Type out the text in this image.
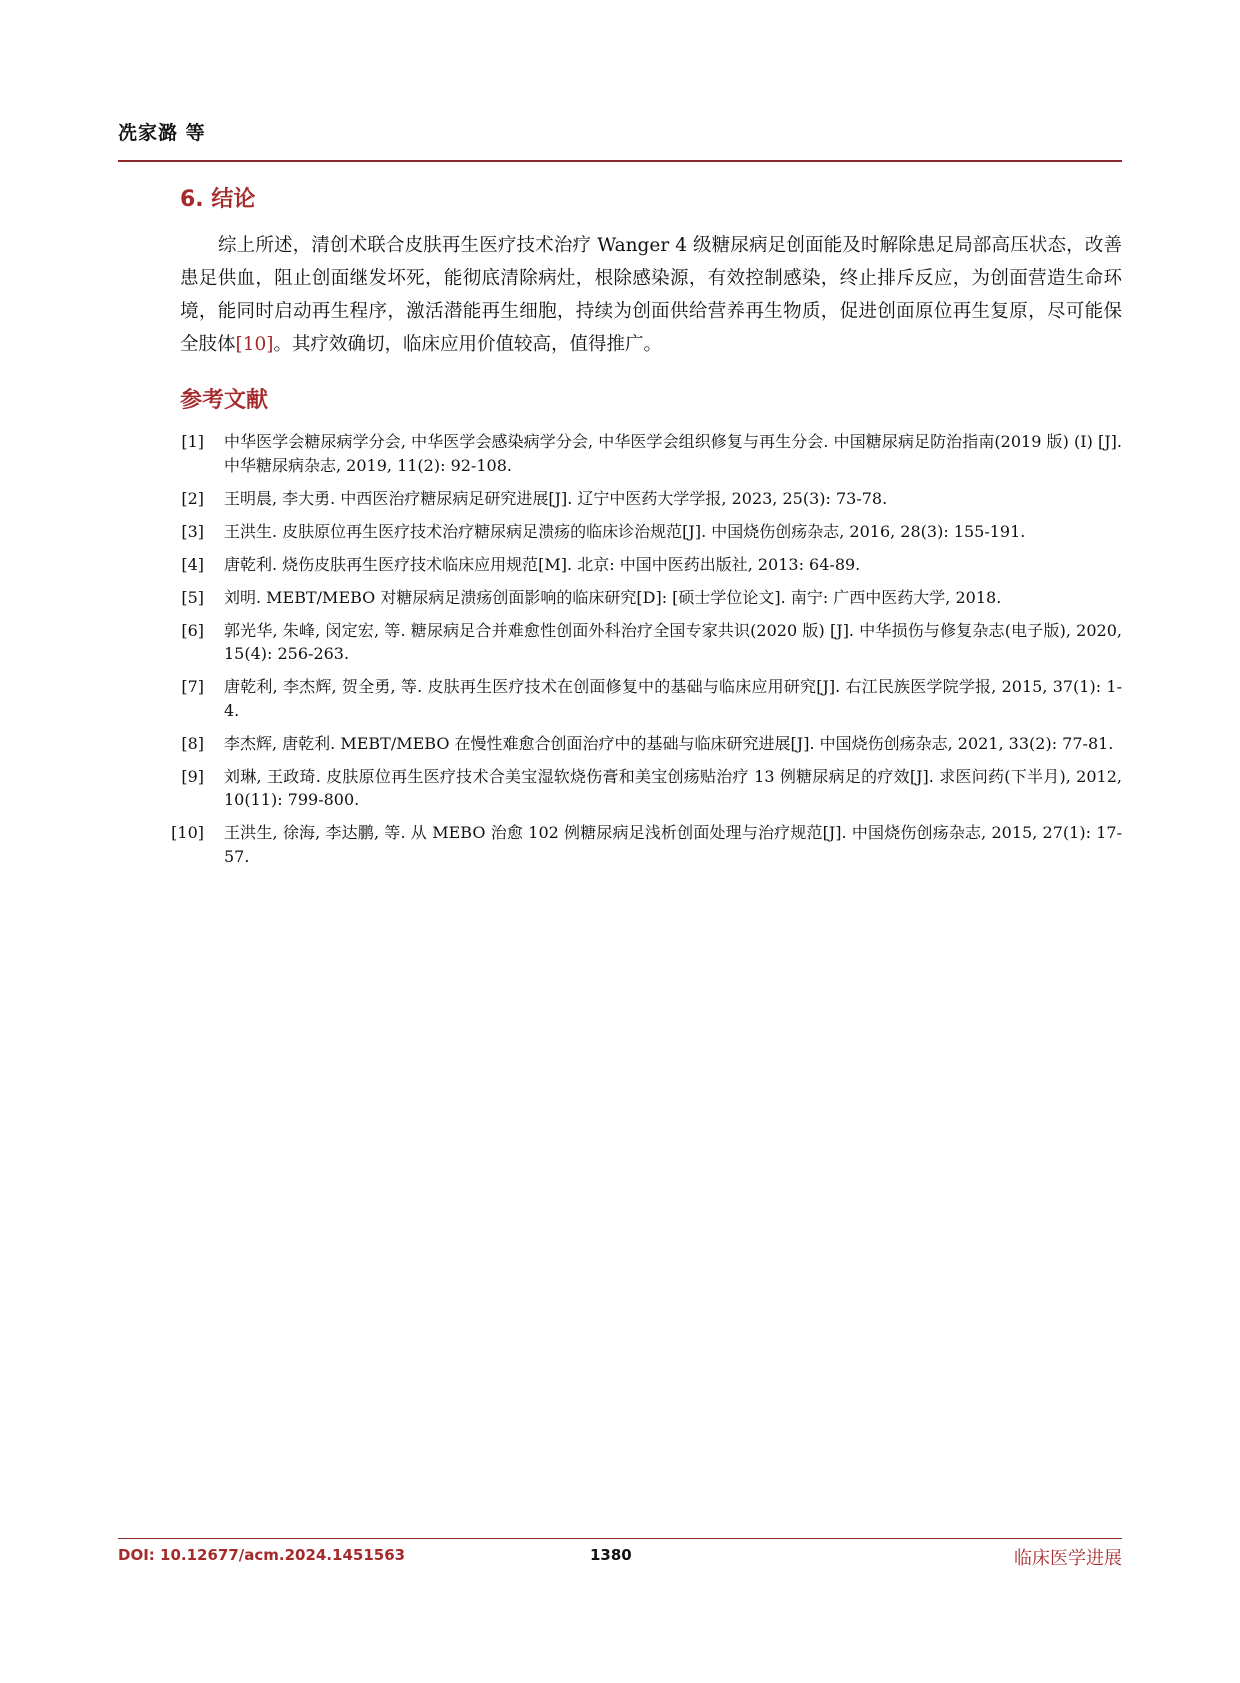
冼家潞 等
6. 结论

综上所述，清创术联合皮肤再生医疗技术治疗 Wanger 4 级糖尿病足创面能及时解除患足局部高压状态，改善患足供血，阻止创面继发坏死，能彻底清除病灶，根除感染源，有效控制感染，终止排斥反应，为创面营造生命环境，能同时启动再生程序，激活潜能再生细胞，持续为创面供给营养再生物质，促进创面原位再生复原，尽可能保全肢体[10]。其疗效确切，临床应用价值较高，值得推广。

参考文献
[1]	中华医学会糖尿病学分会, 中华医学会感染病学分会, 中华医学会组织修复与再生分会. 中国糖尿病足防治指南(2019 版) (I) [J]. 中华糖尿病杂志, 2019, 11(2): 92-108.
[2]	王明晨, 李大勇. 中西医治疗糖尿病足研究进展[J]. 辽宁中医药大学学报, 2023, 25(3): 73-78.
[3]	王洪生. 皮肤原位再生医疗技术治疗糖尿病足溃疡的临床诊治规范[J]. 中国烧伤创疡杂志, 2016, 28(3): 155-191.
[4]	唐乾利. 烧伤皮肤再生医疗技术临床应用规范[M]. 北京: 中国中医药出版社, 2013: 64-89.
[5]	刘明. MEBT/MEBO 对糖尿病足溃疡创面影响的临床研究[D]: [硕士学位论文]. 南宁: 广西中医药大学, 2018.
[6]	郭光华, 朱峰, 闵定宏, 等. 糖尿病足合并难愈性创面外科治疗全国专家共识(2020 版) [J]. 中华损伤与修复杂志(电子版), 2020, 15(4): 256-263.
[7]	唐乾利, 李杰辉, 贺全勇, 等. 皮肤再生医疗技术在创面修复中的基础与临床应用研究[J]. 右江民族医学院学报, 2015, 37(1): 1-4.
[8]	李杰辉, 唐乾利. MEBT/MEBO 在慢性难愈合创面治疗中的基础与临床研究进展[J]. 中国烧伤创疡杂志, 2021, 33(2): 77-81.
[9]	刘琳, 王政琦. 皮肤原位再生医疗技术合美宝湿软烧伤膏和美宝创疡贴治疗 13 例糖尿病足的疗效[J]. 求医问药(下半月), 2012, 10(11): 799-800.
[10]	王洪生, 徐海, 李达鹏, 等. 从 MEBO 治愈 102 例糖尿病足浅析创面处理与治疗规范[J]. 中国烧伤创疡杂志, 2015, 27(1): 17-57.
DOI: 10.12677/acm.2024.1451563	1380	临床医学进展
